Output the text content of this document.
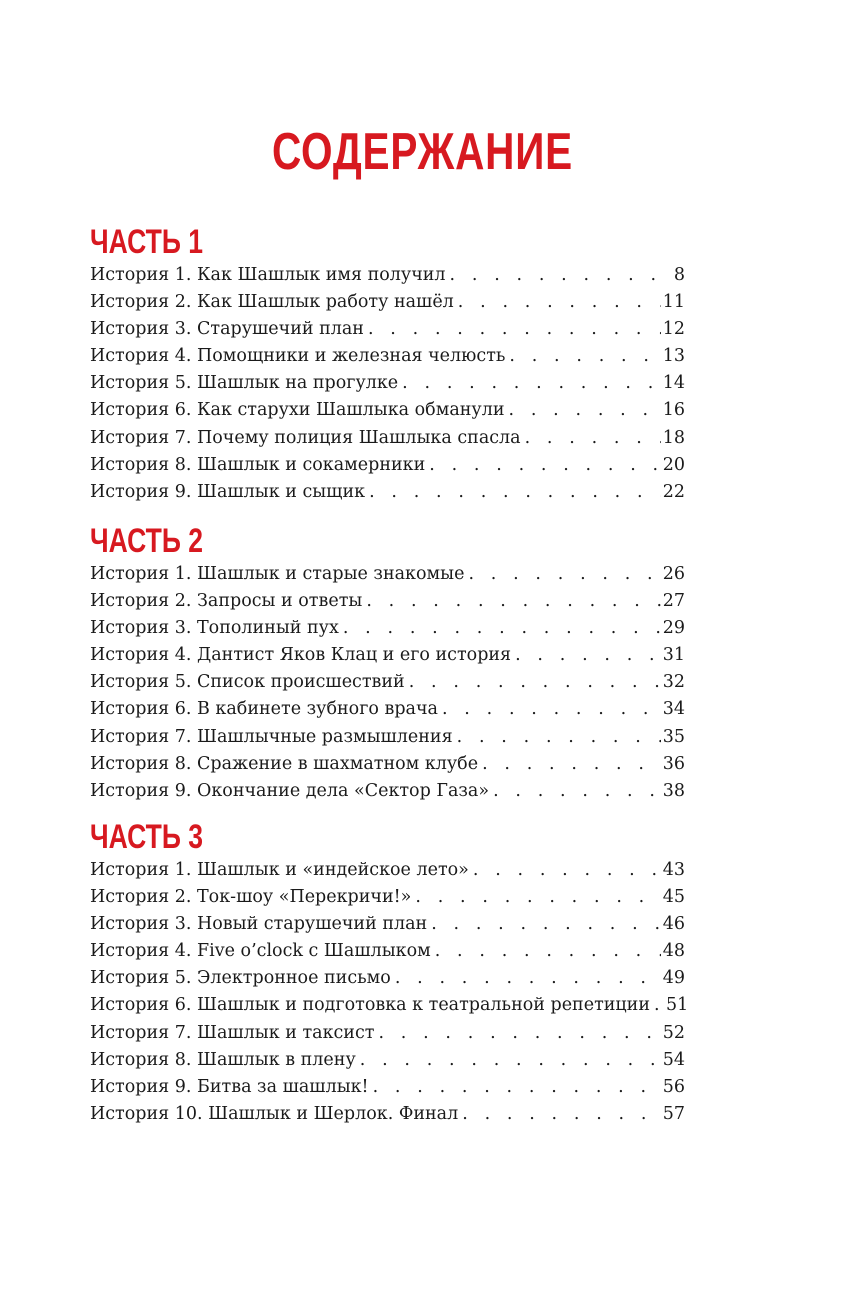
СОДЕРЖАНИЕ
ЧАСТЬ 1
История 1. Как Шашлык имя получил . . .	8
История 2. Как Шашлык работу нашёл . . .	11
История 3. Старушечий план . . .	12
История 4. Помощники и железная челюсть . . .	13
История 5. Шашлык на прогулке . . .	14
История 6. Как старухи Шашлыка обманули . . .	16
История 7. Почему полиция Шашлыка спасла . . .	18
История 8. Шашлык и сокамерники . . .	20
История 9. Шашлык и сыщик . . .	22
ЧАСТЬ 2
История 1. Шашлык и старые знакомые . . .	26
История 2. Запросы и ответы . . .	27
История 3. Тополиный пух . . .	29
История 4. Дантист Яков Клац и его история . . .	31
История 5. Список происшествий . . .	32
История 6. В кабинете зубного врача . . .	34
История 7. Шашлычные размышления . . .	35
История 8. Сражение в шахматном клубе . . .	36
История 9. Окончание дела «Сектор Газа» . . .	38
ЧАСТЬ 3
История 1. Шашлык и «индейское лето» . . .	43
История 2. Ток-шоу «Перекричи!» . . .	45
История 3. Новый старушечий план . . .	46
История 4. Five o’clock с Шашлыком . . .	48
История 5. Электронное письмо . . .	49
История 6. Шашлык и подготовка к театральной репетиции . . . 51
История 7. Шашлык и таксист . . .	52
История 8. Шашлык в плену . . .	54
История 9. Битва за шашлык! . . .	56
История 10. Шашлык и Шерлок. Финал . . .	57
